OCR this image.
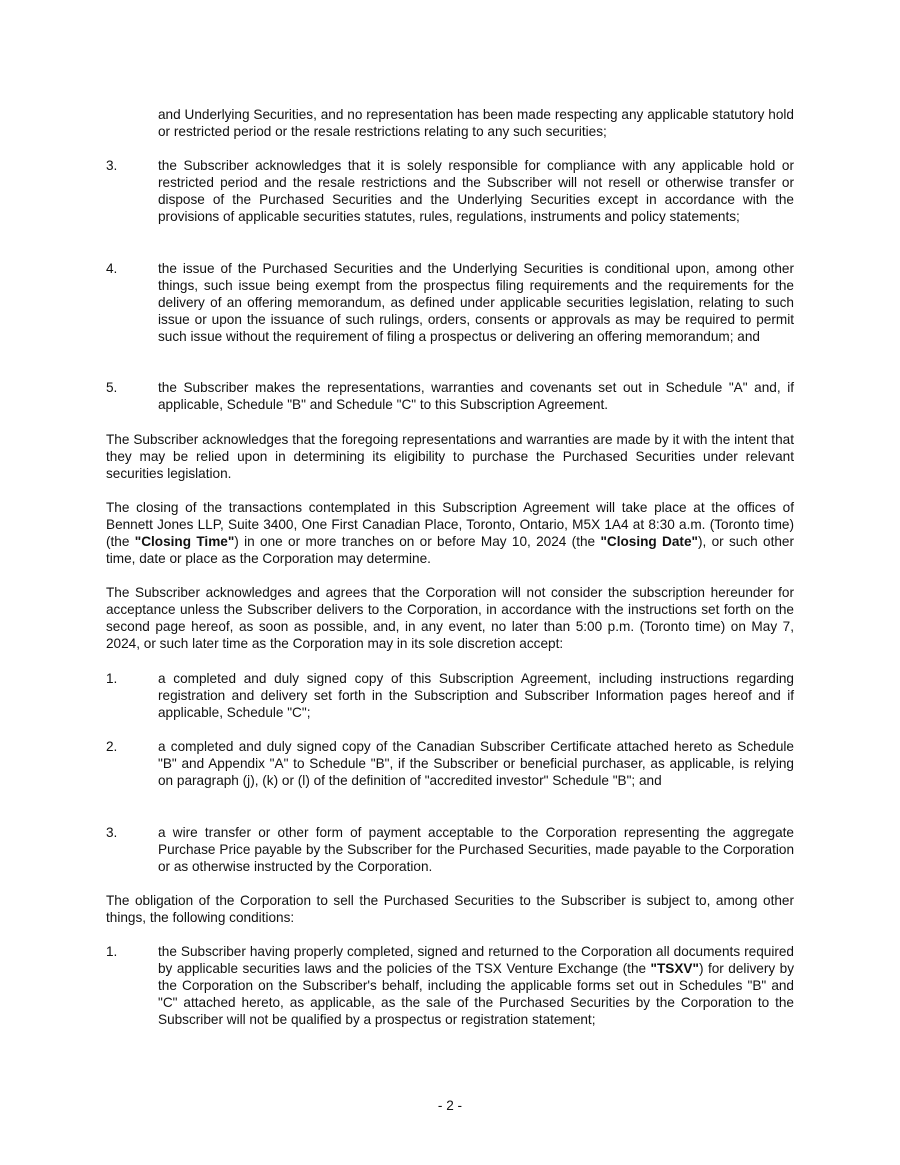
and Underlying Securities, and no representation has been made respecting any applicable statutory hold or restricted period or the resale restrictions relating to any such securities;

3.	the Subscriber acknowledges that it is solely responsible for compliance with any applicable hold or restricted period and the resale restrictions and the Subscriber will not resell or otherwise transfer or dispose of the Purchased Securities and the Underlying Securities except in accordance with the provisions of applicable securities statutes, rules, regulations, instruments and policy statements;

4.	the issue of the Purchased Securities and the Underlying Securities is conditional upon, among other things, such issue being exempt from the prospectus filing requirements and the requirements for the delivery of an offering memorandum, as defined under applicable securities legislation, relating to such issue or upon the issuance of such rulings, orders, consents or approvals as may be required to permit such issue without the requirement of filing a prospectus or delivering an offering memorandum; and

5.	the Subscriber makes the representations, warranties and covenants set out in Schedule "A" and, if applicable, Schedule "B" and Schedule "C" to this Subscription Agreement.

The Subscriber acknowledges that the foregoing representations and warranties are made by it with the intent that they may be relied upon in determining its eligibility to purchase the Purchased Securities under relevant securities legislation.

The closing of the transactions contemplated in this Subscription Agreement will take place at the offices of Bennett Jones LLP, Suite 3400, One First Canadian Place, Toronto, Ontario, M5X 1A4 at 8:30 a.m. (Toronto time) (the "Closing Time") in one or more tranches on or before May 10, 2024 (the "Closing Date"), or such other time, date or place as the Corporation may determine.

The Subscriber acknowledges and agrees that the Corporation will not consider the subscription hereunder for acceptance unless the Subscriber delivers to the Corporation, in accordance with the instructions set forth on the second page hereof, as soon as possible, and, in any event, no later than 5:00 p.m. (Toronto time) on May 7, 2024, or such later time as the Corporation may in its sole discretion accept:

1.	a completed and duly signed copy of this Subscription Agreement, including instructions regarding registration and delivery set forth in the Subscription and Subscriber Information pages hereof and if applicable, Schedule "C";

2.	a completed and duly signed copy of the Canadian Subscriber Certificate attached hereto as Schedule "B" and Appendix "A" to Schedule "B", if the Subscriber or beneficial purchaser, as applicable, is relying on paragraph (j), (k) or (l) of the definition of "accredited investor" Schedule "B"; and

3.	a wire transfer or other form of payment acceptable to the Corporation representing the aggregate Purchase Price payable by the Subscriber for the Purchased Securities, made payable to the Corporation or as otherwise instructed by the Corporation.

The obligation of the Corporation to sell the Purchased Securities to the Subscriber is subject to, among other things, the following conditions:

1.	the Subscriber having properly completed, signed and returned to the Corporation all documents required by applicable securities laws and the policies of the TSX Venture Exchange (the "TSXV") for delivery by the Corporation on the Subscriber's behalf, including the applicable forms set out in Schedules "B" and "C" attached hereto, as applicable, as the sale of the Purchased Securities by the Corporation to the Subscriber will not be qualified by a prospectus or registration statement;

- 2 -
